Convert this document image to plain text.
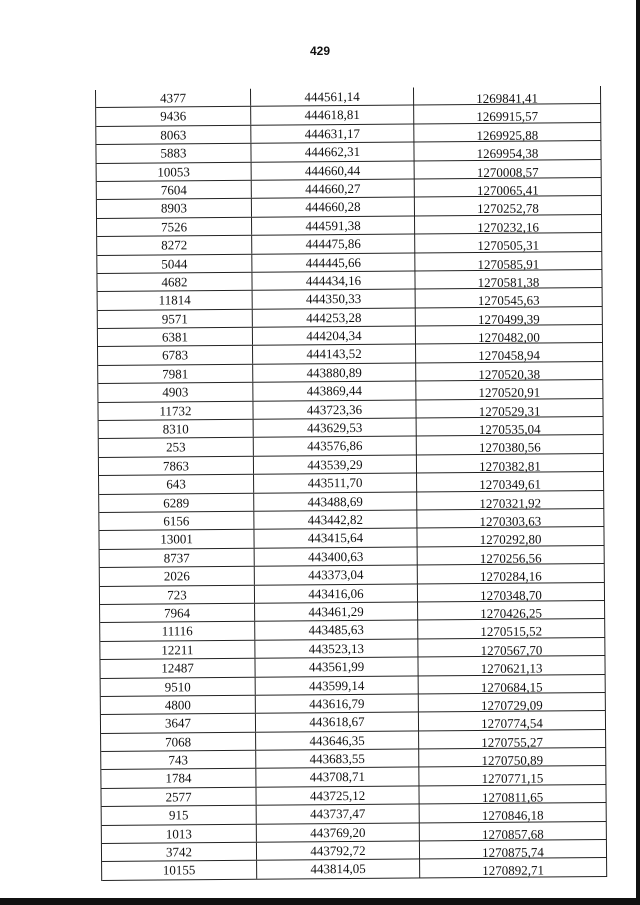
429
4377	444561,14	1269841,41
9436	444618,81	1269915,57
8063	444631,17	1269925,88
5883	444662,31	1269954,38
10053	444660,44	1270008,57
7604	444660,27	1270065,41
8903	444660,28	1270252,78
7526	444591,38	1270232,16
8272	444475,86	1270505,31
5044	444445,66	1270585,91
4682	444434,16	1270581,38
11814	444350,33	1270545,63
9571	444253,28	1270499,39
6381	444204,34	1270482,00
6783	444143,52	1270458,94
7981	443880,89	1270520,38
4903	443869,44	1270520,91
11732	443723,36	1270529,31
8310	443629,53	1270535,04
253	443576,86	1270380,56
7863	443539,29	1270382,81
643	443511,70	1270349,61
6289	443488,69	1270321,92
6156	443442,82	1270303,63
13001	443415,64	1270292,80
8737	443400,63	1270256,56
2026	443373,04	1270284,16
723	443416,06	1270348,70
7964	443461,29	1270426,25
11116	443485,63	1270515,52
12211	443523,13	1270567,70
12487	443561,99	1270621,13
9510	443599,14	1270684,15
4800	443616,79	1270729,09
3647	443618,67	1270774,54
7068	443646,35	1270755,27
743	443683,55	1270750,89
1784	443708,71	1270771,15
2577	443725,12	1270811,65
915	443737,47	1270846,18
1013	443769,20	1270857,68
3742	443792,72	1270875,74
10155	443814,05	1270892,71
